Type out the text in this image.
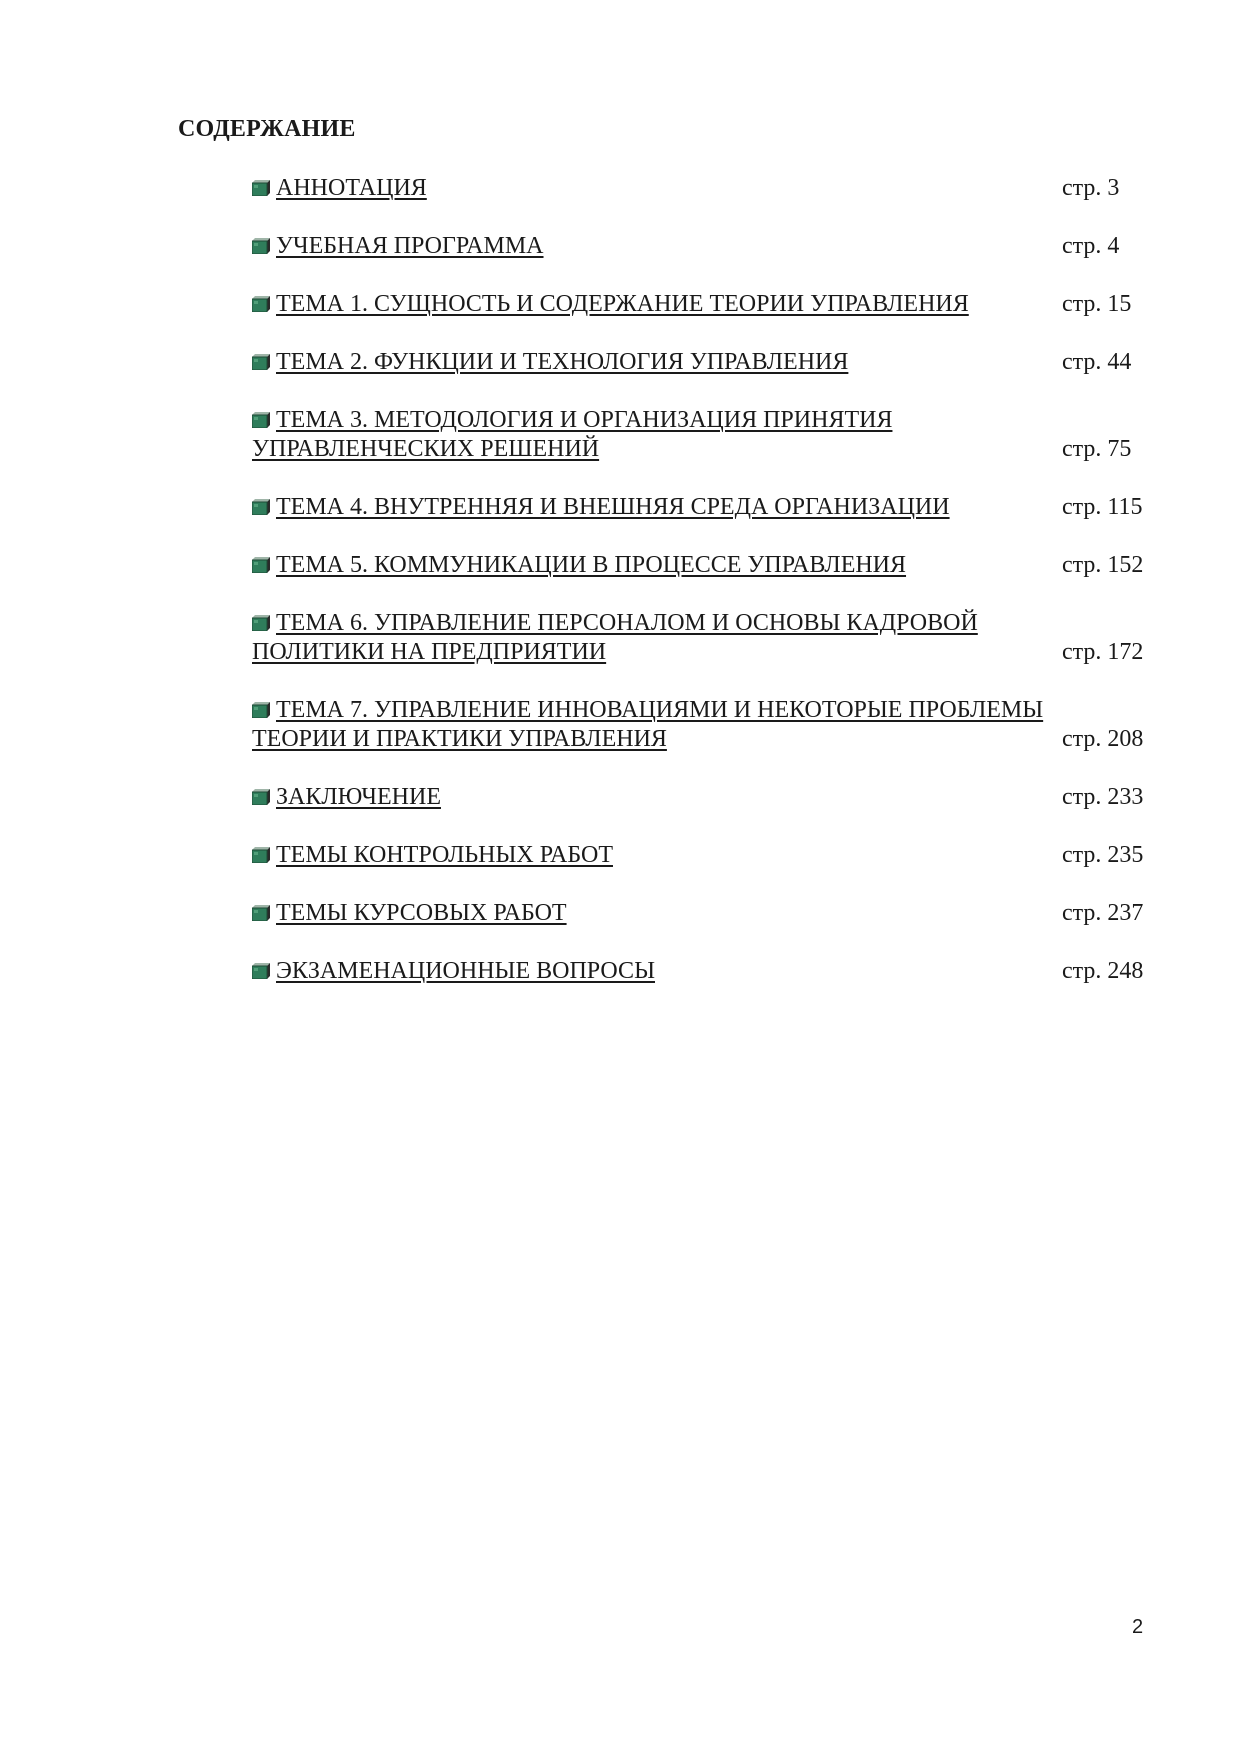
СОДЕРЖАНИЕ
АННОТАЦИЯ	стр. 3
УЧЕБНАЯ ПРОГРАММА	стр. 4
ТЕМА 1. СУЩНОСТЬ И СОДЕРЖАНИЕ ТЕОРИИ УПРАВЛЕНИЯ	стр. 15
ТЕМА 2. ФУНКЦИИ И ТЕХНОЛОГИЯ УПРАВЛЕНИЯ	стр. 44
ТЕМА 3. МЕТОДОЛОГИЯ И ОРГАНИЗАЦИЯ ПРИНЯТИЯ УПРАВЛЕНЧЕСКИХ РЕШЕНИЙ	стр. 75
ТЕМА 4. ВНУТРЕННЯЯ И ВНЕШНЯЯ СРЕДА ОРГАНИЗАЦИИ	стр. 115
ТЕМА 5. КОММУНИКАЦИИ В ПРОЦЕССЕ УПРАВЛЕНИЯ	стр. 152
ТЕМА 6. УПРАВЛЕНИЕ ПЕРСОНАЛОМ И ОСНОВЫ КАДРОВОЙ ПОЛИТИКИ НА ПРЕДПРИЯТИИ	стр. 172
ТЕМА 7. УПРАВЛЕНИЕ ИННОВАЦИЯМИ И НЕКОТОРЫЕ ПРОБЛЕМЫ ТЕОРИИ И ПРАКТИКИ УПРАВЛЕНИЯ	стр. 208
ЗАКЛЮЧЕНИЕ	стр. 233
ТЕМЫ КОНТРОЛЬНЫХ РАБОТ	стр. 235
ТЕМЫ КУРСОВЫХ РАБОТ	стр. 237
ЭКЗАМЕНАЦИОННЫЕ ВОПРОСЫ	стр. 248
2
